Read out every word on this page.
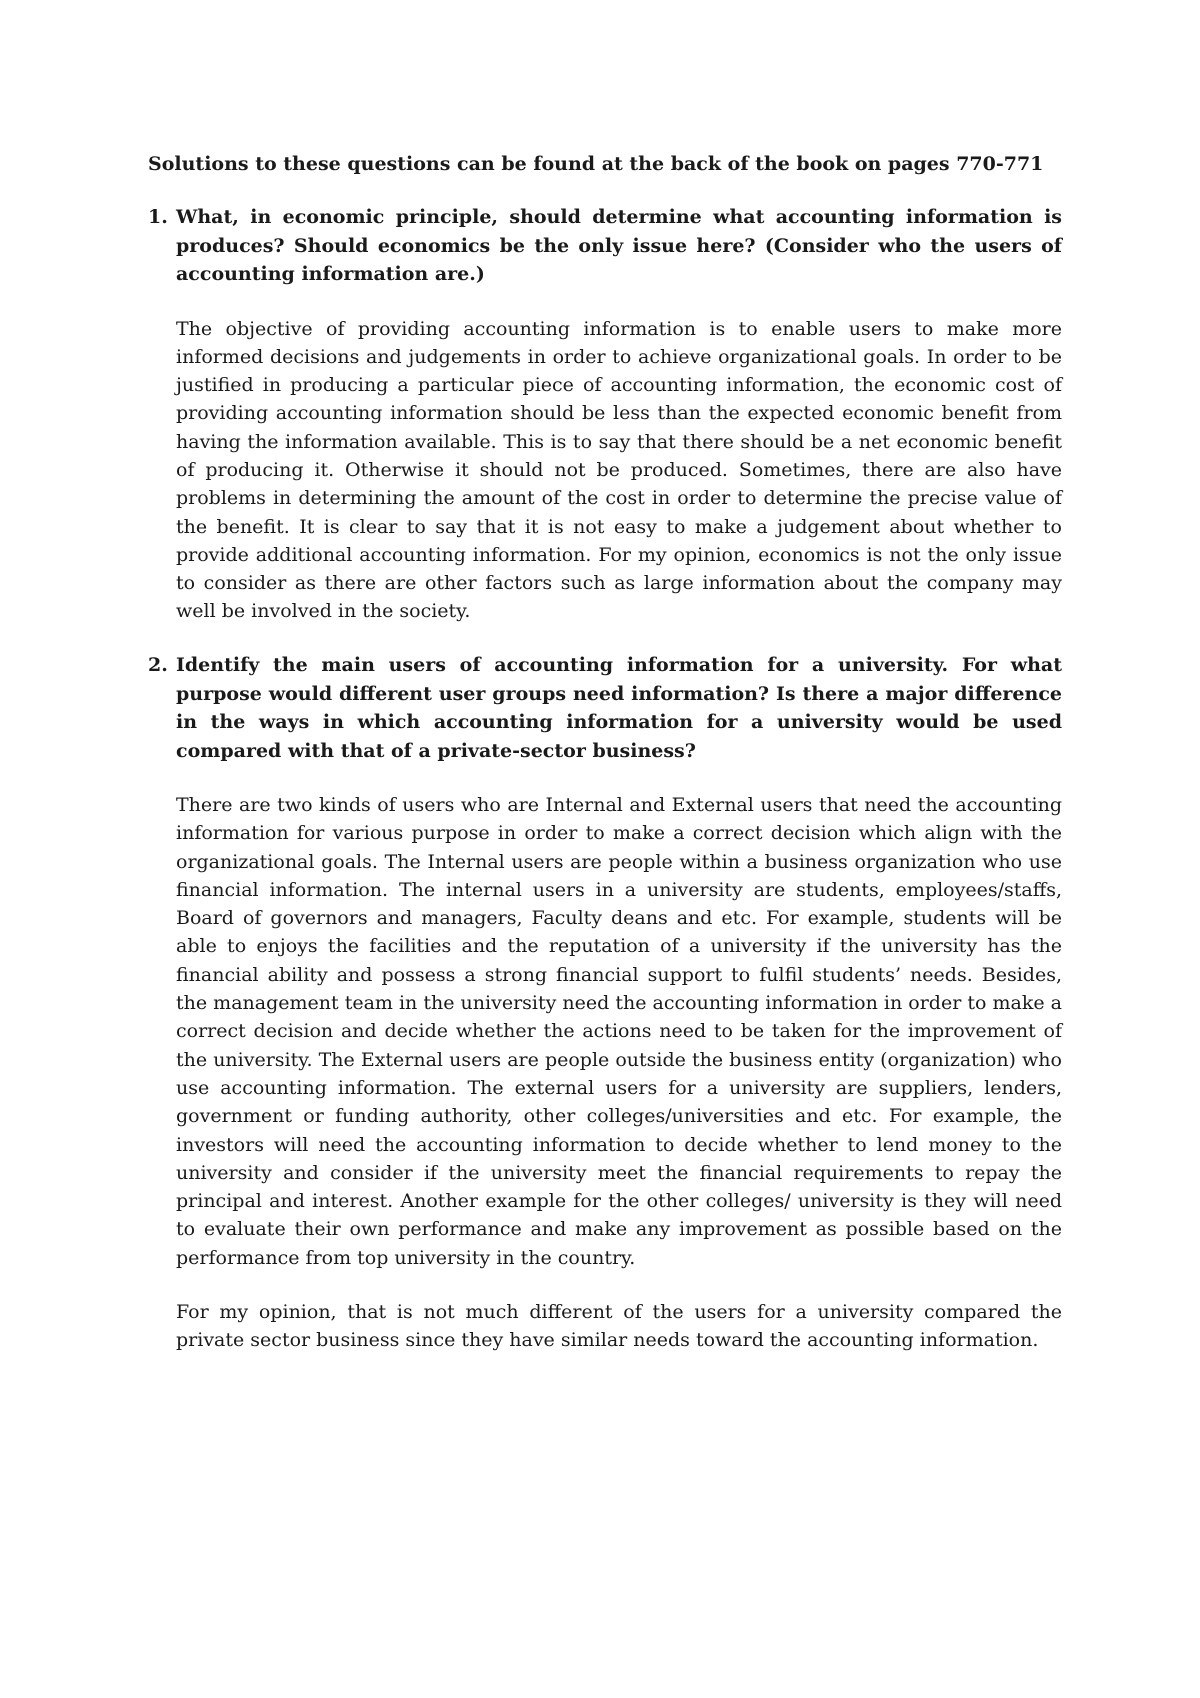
Solutions to these questions can be found at the back of the book on pages 770-771

1. What, in economic principle, should determine what accounting information is produces? Should economics be the only issue here? (Consider who the users of accounting information are.)

The objective of providing accounting information is to enable users to make more informed decisions and judgements in order to achieve organizational goals. In order to be justified in producing a particular piece of accounting information, the economic cost of providing accounting information should be less than the expected economic benefit from having the information available. This is to say that there should be a net economic benefit of producing it. Otherwise it should not be produced. Sometimes, there are also have problems in determining the amount of the cost in order to determine the precise value of the benefit. It is clear to say that it is not easy to make a judgement about whether to provide additional accounting information. For my opinion, economics is not the only issue to consider as there are other factors such as large information about the company may well be involved in the society.

2. Identify the main users of accounting information for a university. For what purpose would different user groups need information? Is there a major difference in the ways in which accounting information for a university would be used compared with that of a private-sector business?

There are two kinds of users who are Internal and External users that need the accounting information for various purpose in order to make a correct decision which align with the organizational goals. The Internal users are people within a business organization who use financial information. The internal users in a university are students, employees/staffs, Board of governors and managers, Faculty deans and etc. For example, students will be able to enjoys the facilities and the reputation of a university if the university has the financial ability and possess a strong financial support to fulfil students’ needs. Besides, the management team in the university need the accounting information in order to make a correct decision and decide whether the actions need to be taken for the improvement of the university. The External users are people outside the business entity (organization) who use accounting information. The external users for a university are suppliers, lenders, government or funding authority, other colleges/universities and etc. For example, the investors will need the accounting information to decide whether to lend money to the university and consider if the university meet the financial requirements to repay the principal and interest. Another example for the other colleges/ university is they will need to evaluate their own performance and make any improvement as possible based on the performance from top university in the country.

For my opinion, that is not much different of the users for a university compared the private sector business since they have similar needs toward the accounting information.
